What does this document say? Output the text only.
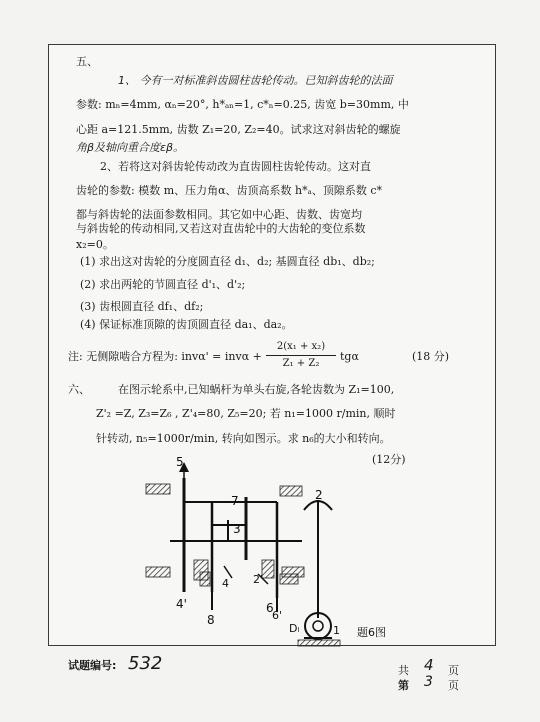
五、
1、 今有一对标准斜齿圆柱齿轮传动。已知斜齿轮的法面
参数: mₙ=4mm, αₙ=20°, h*ₐₙ=1, c*ₙ=0.25, 齿宽 b=30mm, 中
心距 a=121.5mm, 齿数 Z₁=20, Z₂=40。试求这对斜齿轮的螺旋
角β及轴向重合度εβ。
2、若将这对斜齿轮传动改为直齿圆柱齿轮传动。这对直
齿轮的参数: 模数 m、压力角α、齿顶高系数 h*ₐ、顶隙系数 c*
都与斜齿轮的法面参数相同。其它如中心距、齿数、齿宽均
与斜齿轮的传动相同,又若这对直齿轮中的大齿轮的变位系数
x₂=0。
(1) 求出这对齿轮的分度圆直径 d₁、d₂; 基圆直径 db₁、db₂;
(2) 求出两轮的节圆直径 d'₁、d'₂;
(3) 齿根圆直径 df₁、df₂;
(4) 保证标准顶隙的齿顶圆直径 da₁、da₂。
注: 无侧隙啮合方程为: invα' = invα +
2(x₁ + x₂)
Z₁ + Z₂
tgα	(18 分)
六、	在图示轮系中,已知蜗杆为单头右旋,各轮齿数为 Z₁=100,
Z'₂ =Z, Z₃=Z₆ , Z'₄=80, Z₅=20; 若 n₁=1000 r/min, 顺时
针转动, n₅=1000r/min, 转向如图示。求 n₆的大小和转向。
(12分)
5
7	2
3
4 2'
4'
8
6
6'
Dₗ	1 题6图
试题编号: 532	共 4 页
第 3 页
